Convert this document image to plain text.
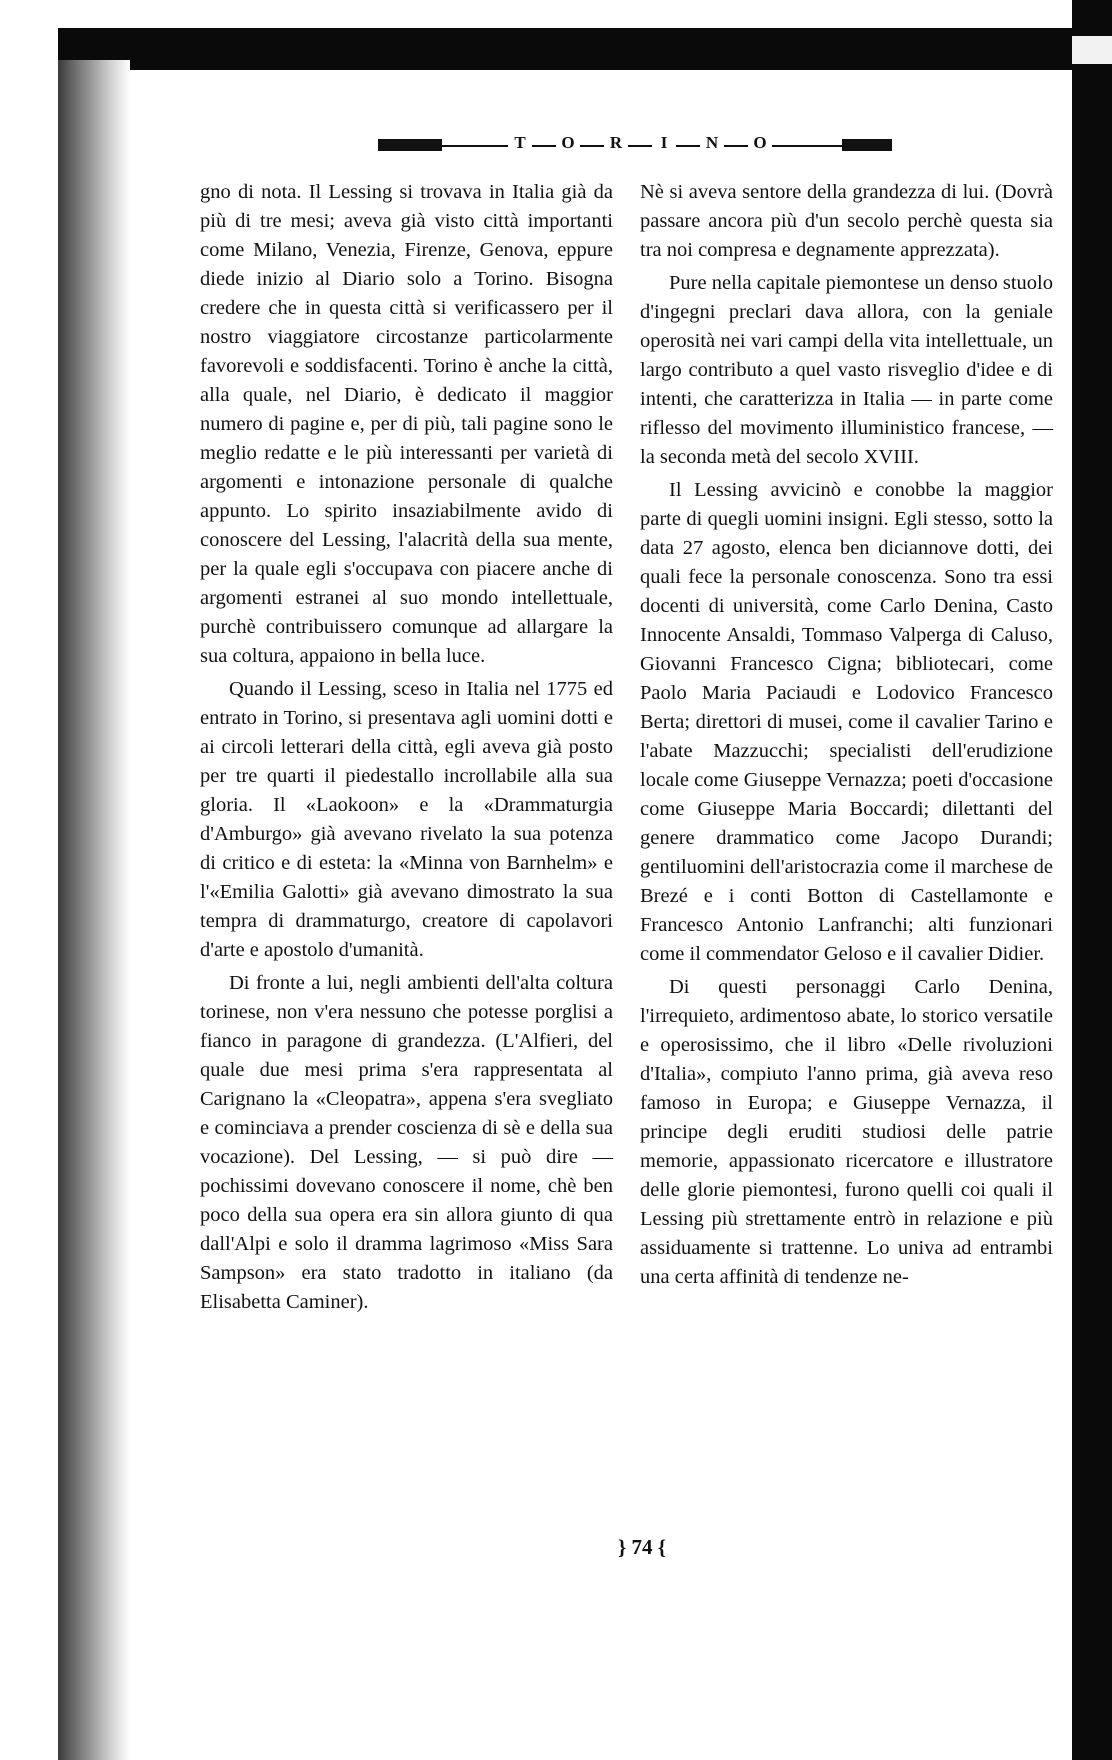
T	O	R	I	N	O

gno di nota. Il Lessing si trovava in Italia già da più di tre mesi; aveva già visto città importanti come Milano, Venezia, Firenze, Genova, eppure diede inizio al Diario solo a Torino. Bisogna credere che in questa città si verificassero per il nostro viaggiatore circostanze particolarmente favorevoli e soddisfacenti. Torino è anche la città, alla quale, nel Diario, è dedicato il maggior numero di pagine e, per di più, tali pagine sono le meglio redatte e le più interessanti per varietà di argomenti e intonazione personale di qualche appunto. Lo spirito insaziabilmente avido di conoscere del Lessing, l'alacrità della sua mente, per la quale egli s'occupava con piacere anche di argomenti estranei al suo mondo intellettuale, purchè contribuissero comunque ad allargare la sua coltura, appaiono in bella luce.

Quando il Lessing, sceso in Italia nel 1775 ed entrato in Torino, si presentava agli uomini dotti e ai circoli letterari della città, egli aveva già posto per tre quarti il piedestallo incrollabile alla sua gloria. Il «Laokoon» e la «Drammaturgia d'Amburgo» già avevano rivelato la sua potenza di critico e di esteta: la «Minna von Barnhelm» e l'«Emilia Galotti» già avevano dimostrato la sua tempra di drammaturgo, creatore di capolavori d'arte e apostolo d'umanità.

Di fronte a lui, negli ambienti dell'alta coltura torinese, non v'era nessuno che potesse porglisi a fianco in paragone di grandezza. (L'Alfieri, del quale due mesi prima s'era rappresentata al Carignano la «Cleopatra», appena s'era svegliato e cominciava a prender coscienza di sè e della sua vocazione). Del Lessing, — si può dire — pochissimi dovevano conoscere il nome, chè ben poco della sua opera era sin allora giunto di qua dall'Alpi e solo il dramma lagrimoso «Miss Sara Sampson» era stato tradotto in italiano (da Elisabetta Caminer).

Nè si aveva sentore della grandezza di lui. (Dovrà passare ancora più d'un secolo perchè questa sia tra noi compresa e degnamente apprezzata).

Pure nella capitale piemontese un denso stuolo d'ingegni preclari dava allora, con la geniale operosità nei vari campi della vita intellettuale, un largo contributo a quel vasto risveglio d'idee e di intenti, che caratterizza in Italia — in parte come riflesso del movimento illuministico francese, — la seconda metà del secolo XVIII.

Il Lessing avvicinò e conobbe la maggior parte di quegli uomini insigni. Egli stesso, sotto la data 27 agosto, elenca ben diciannove dotti, dei quali fece la personale conoscenza. Sono tra essi docenti di università, come Carlo Denina, Casto Innocente Ansaldi, Tommaso Valperga di Caluso, Giovanni Francesco Cigna; bibliotecari, come Paolo Maria Paciaudi e Lodovico Francesco Berta; direttori di musei, come il cavalier Tarino e l'abate Mazzucchi; specialisti dell'erudizione locale come Giuseppe Vernazza; poeti d'occasione come Giuseppe Maria Boccardi; dilettanti del genere drammatico come Jacopo Durandi; gentiluomini dell'aristocrazia come il marchese de Brezé e i conti Botton di Castellamonte e Francesco Antonio Lanfranchi; alti funzionari come il commendator Geloso e il cavalier Didier.

Di questi personaggi Carlo Denina, l'irrequieto, ardimentoso abate, lo storico versatile e operosissimo, che il libro «Delle rivoluzioni d'Italia», compiuto l'anno prima, già aveva reso famoso in Europa; e Giuseppe Vernazza, il principe degli eruditi studiosi delle patrie memorie, appassionato ricercatore e illustratore delle glorie piemontesi, furono quelli coi quali il Lessing più strettamente entrò in relazione e più assiduamente si trattenne. Lo univa ad entrambi una certa affinità di tendenze ne-

} 74 {
